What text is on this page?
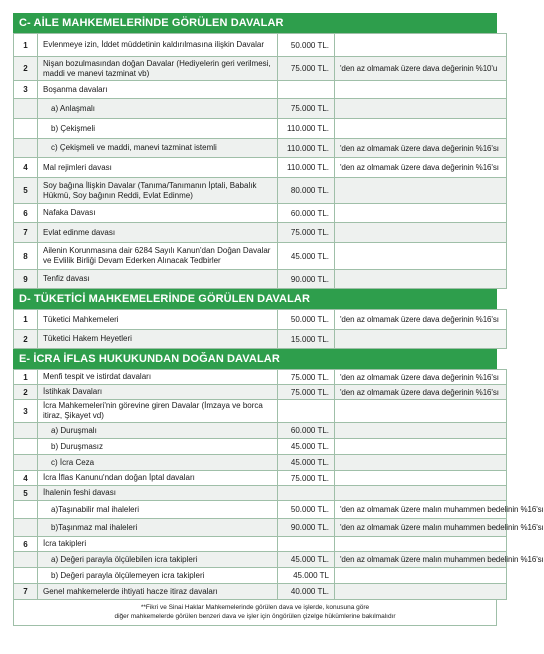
C- AİLE MAHKEMELERİNDE GÖRÜLEN DAVALAR
1	Evlenmeye izin, İddet müddetinin kaldırılmasına ilişkin Davalar	50.000 TL.	
2	Nişan bozulmasından doğan Davalar (Hediyelerin geri verilmesi, maddi ve manevi tazminat vb)	75.000 TL.	'den az olmamak üzere dava değerinin %10'u
3	Boşanma davaları		
	a) Anlaşmalı	75.000 TL.	
	b) Çekişmeli	110.000 TL.	
	c) Çekişmeli ve maddi, manevi tazminat istemli	110.000 TL.	'den az olmamak üzere dava değerinin %16'sı
4	Mal rejimleri davası	110.000 TL.	'den az olmamak üzere dava değerinin %16'sı
5	Soy bağına İlişkin Davalar (Tanıma/Tanımanın İptali, Babalık Hükmü, Soy bağının Reddi, Evlat Edinme)	80.000 TL.	
6	Nafaka Davası	60.000 TL.	
7	Evlat edinme davası	75.000 TL.	
8	Ailenin Korunmasına dair 6284 Sayılı Kanun'dan Doğan Davalar ve Evlilik Birliği Devam Ederken Alınacak Tedbirler	45.000 TL.	
9	Tenfiz davası	90.000 TL.	
D- TÜKETİCİ MAHKEMELERİNDE GÖRÜLEN DAVALAR
1	Tüketici Mahkemeleri	50.000 TL.	'den az olmamak üzere dava değerinin %16'sı
2	Tüketici Hakem Heyetleri	15.000 TL.	
E- İCRA İFLAS HUKUKUNDAN DOĞAN DAVALAR
1	Menfi tespit ve istirdat davaları	75.000 TL.	'den az olmamak üzere dava değerinin %16'sı
2	İstihkak Davaları	75.000 TL.	'den az olmamak üzere dava değerinin %16'sı
3	İcra Mahkemeleri'nin görevine giren Davalar (İmzaya ve borca itiraz, Şikayet vd)		
	a) Duruşmalı	60.000 TL.	
	b) Duruşmasız	45.000 TL.	
	c) İcra Ceza	45.000 TL.	
4	İcra İflas Kanunu'ndan doğan İptal davaları	75.000 TL.	
5	İhalenin feshi davası		
	a)Taşınabilir mal ihaleleri	50.000 TL.	'den az olmamak üzere malın muhammen bedelinin %16'sı
	b)Taşınmaz mal ihaleleri	90.000 TL.	'den az olmamak üzere malın muhammen bedelinin %16'sı
6	İcra takipleri		
	a) Değeri parayla ölçülebilen icra takipleri	45.000 TL.	'den az olmamak üzere malın muhammen bedelinin %16'sı
	b) Değeri parayla ölçülemeyen icra takipleri	45.000 TL	
7	Genel mahkemelerde ihtiyati hacze itiraz davaları	40.000 TL.	
**Fikri ve Sinai Haklar Mahkemelerinde görülen dava ve işlerde, konusuna göre
diğer mahkemelerde görülen benzeri dava ve işler için öngörülen çizelge hükümlerine bakılmalıdır
